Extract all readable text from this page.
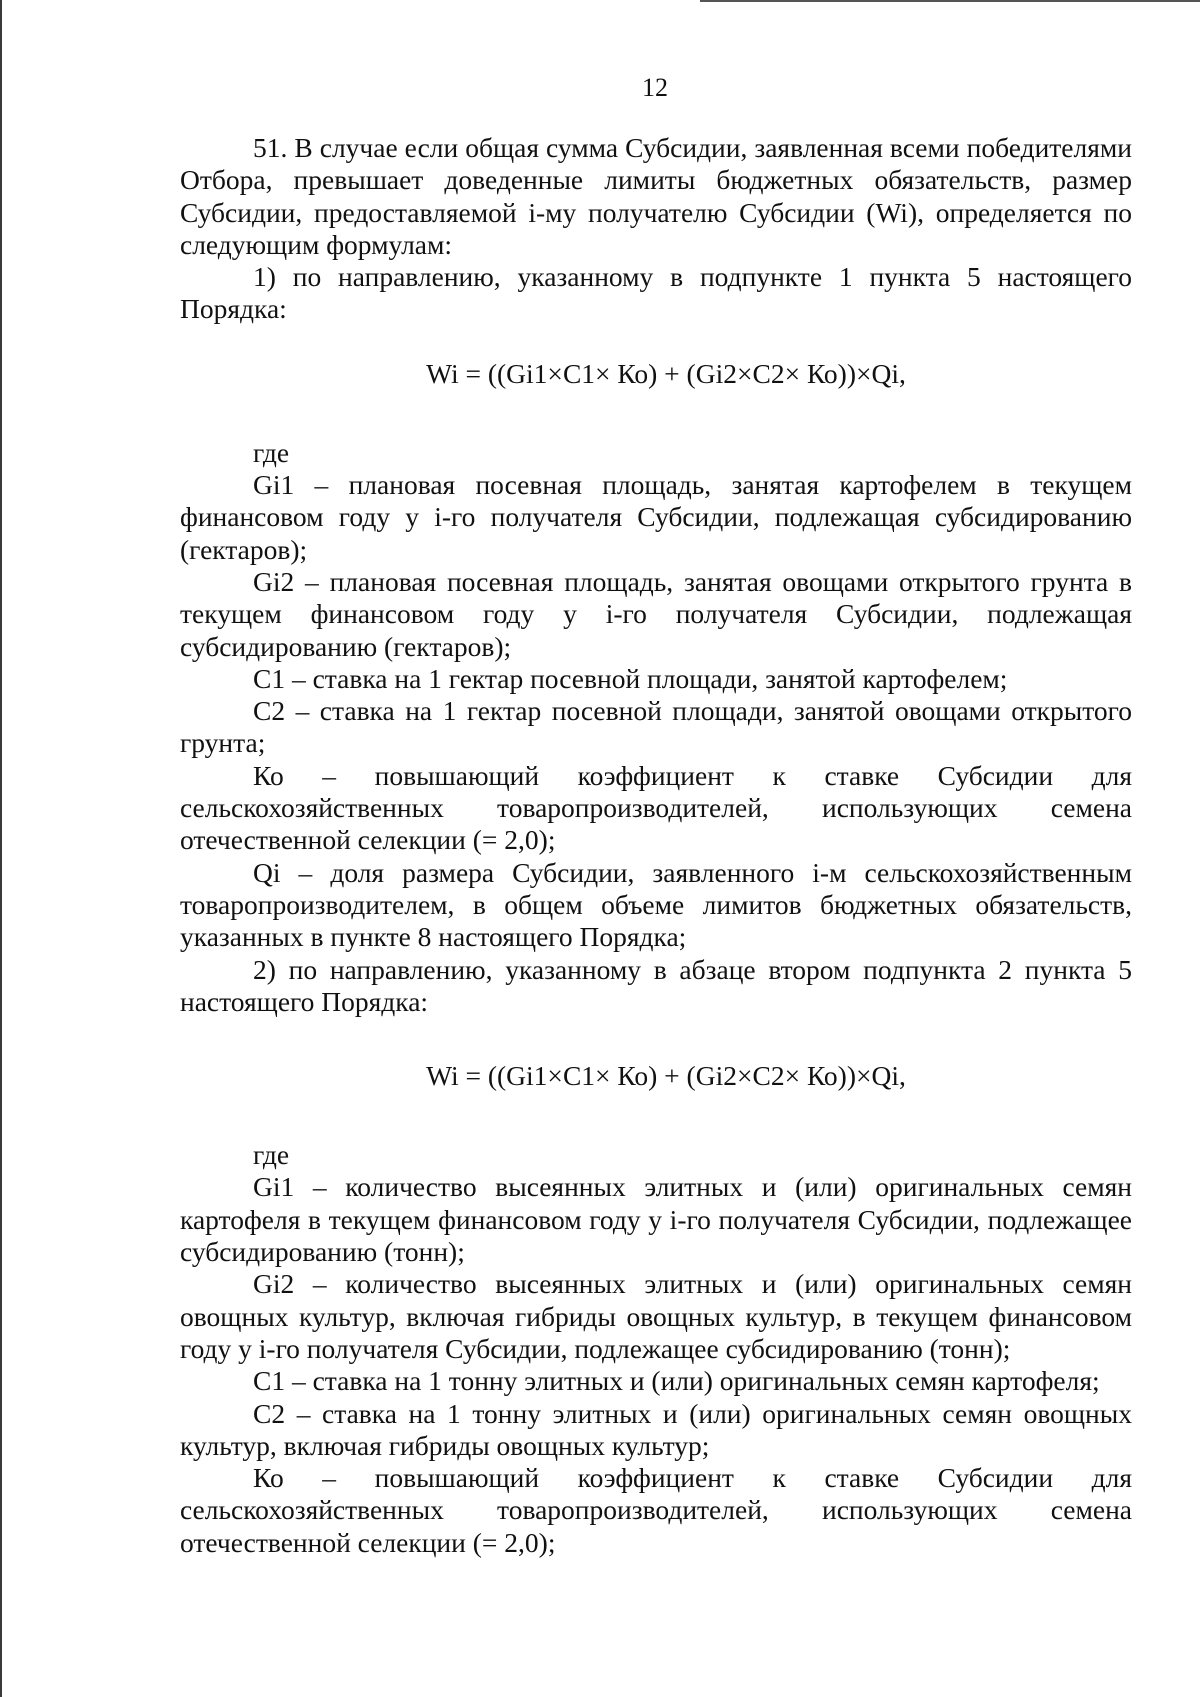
12

51. В случае если общая сумма Субсидии, заявленная всеми победителями Отбора, превышает доведенные лимиты бюджетных обязательств, размер Субсидии, предоставляемой i-му получателю Субсидии (Wi), определяется по следующим формулам:

1) по направлению, указанному в подпункте 1 пункта 5 настоящего Порядка:

Wi = ((Gi1×C1× Ко) + (Gi2×C2× Ко))×Qi,

где

Gi1 – плановая посевная площадь, занятая картофелем в текущем финансовом году у i-го получателя Субсидии, подлежащая субсидированию (гектаров);

Gi2 – плановая посевная площадь, занятая овощами открытого грунта в текущем финансовом году у i-го получателя Субсидии, подлежащая субсидированию (гектаров);

С1 – ставка на 1 гектар посевной площади, занятой картофелем;

С2 – ставка на 1 гектар посевной площади, занятой овощами открытого грунта;

Ко – повышающий коэффициент к ставке Субсидии для сельскохозяйственных товаропроизводителей, использующих семена отечественной селекции (= 2,0);

Qi – доля размера Субсидии, заявленного i-м сельскохозяйственным товаропроизводителем, в общем объеме лимитов бюджетных обязательств, указанных в пункте 8 настоящего Порядка;

2) по направлению, указанному в абзаце втором подпункта 2 пункта 5 настоящего Порядка:

Wi = ((Gi1×C1× Ко) + (Gi2×C2× Ко))×Qi,

где

Gi1 – количество высеянных элитных и (или) оригинальных семян картофеля в текущем финансовом году у i-го получателя Субсидии, подлежащее субсидированию (тонн);

Gi2 – количество высеянных элитных и (или) оригинальных семян овощных культур, включая гибриды овощных культур, в текущем финансовом году у i-го получателя Субсидии, подлежащее субсидированию (тонн);

С1 – ставка на 1 тонну элитных и (или) оригинальных семян картофеля;

С2 – ставка на 1 тонну элитных и (или) оригинальных семян овощных культур, включая гибриды овощных культур;

Ко – повышающий коэффициент к ставке Субсидии для сельскохозяйственных товаропроизводителей, использующих семена отечественной селекции (= 2,0);
